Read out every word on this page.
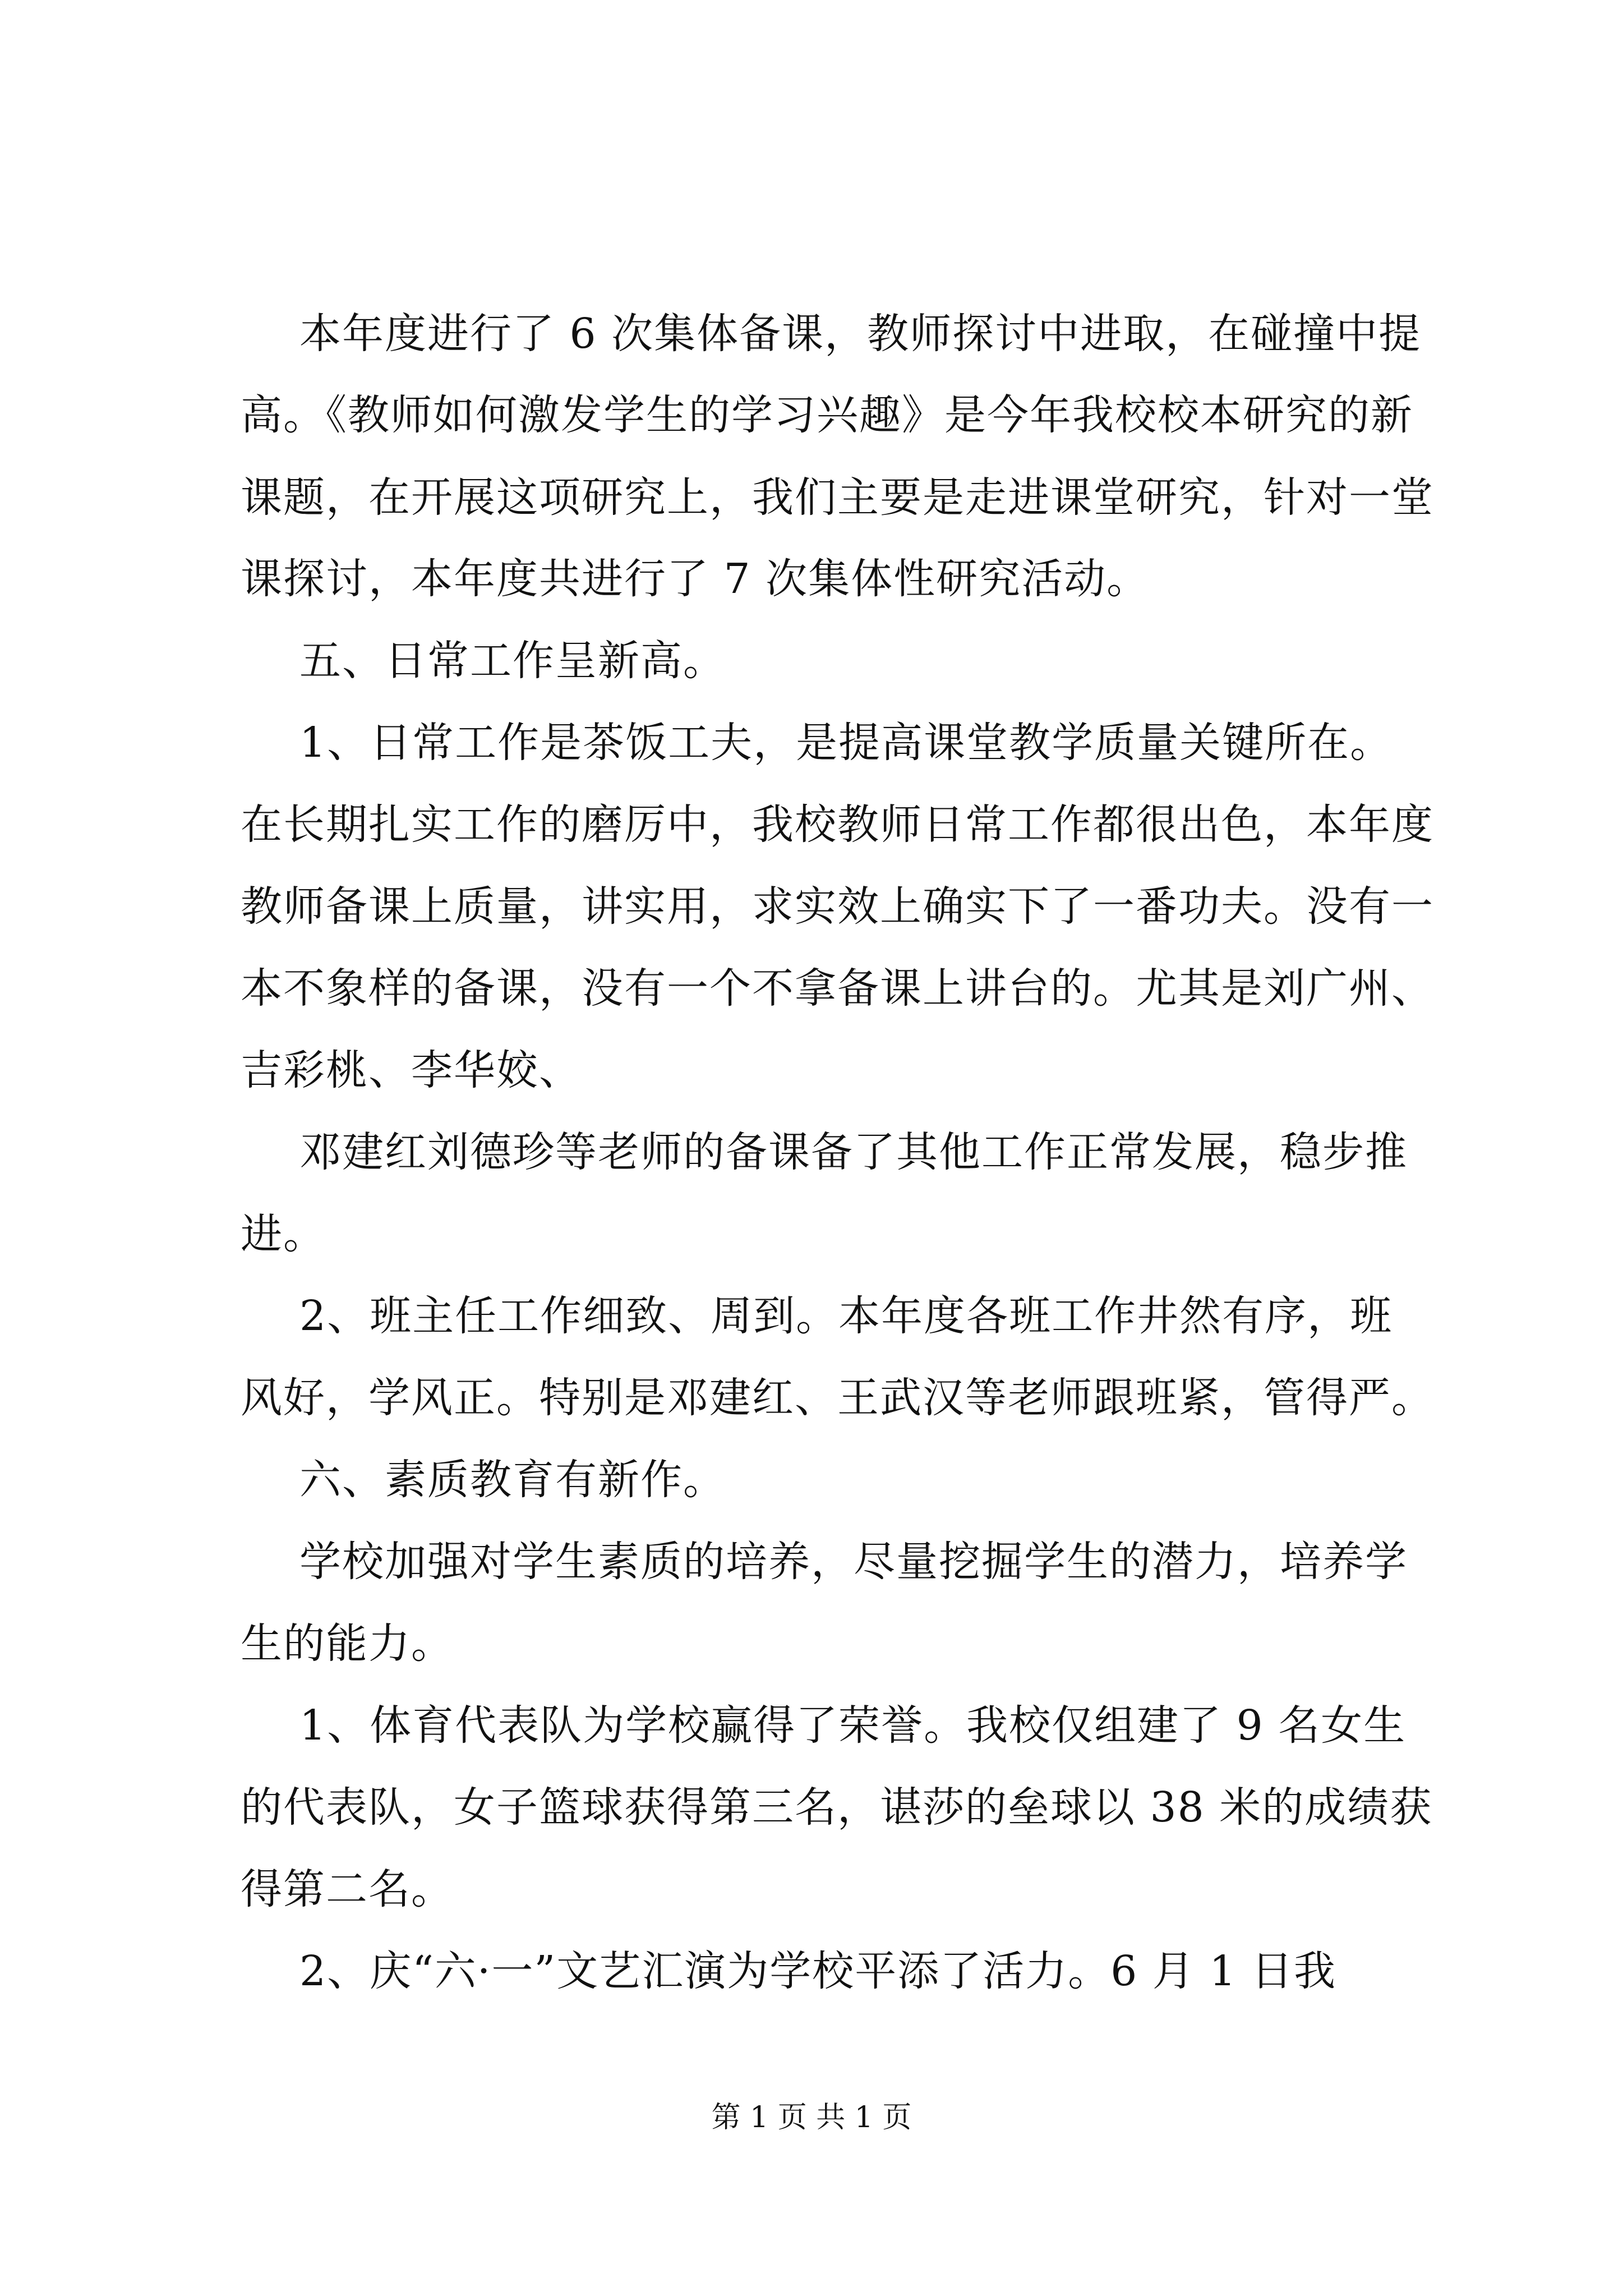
本年度进行了 6 次集体备课，教师探讨中进取，在碰撞中提
高。《教师如何激发学生的学习兴趣》是今年我校校本研究的新
课题，在开展这项研究上，我们主要是走进课堂研究，针对一堂
课探讨，本年度共进行了 7 次集体性研究活动。
五、日常工作呈新高。
1、日常工作是茶饭工夫，是提高课堂教学质量关键所在。
在长期扎实工作的磨厉中，我校教师日常工作都很出色，本年度
教师备课上质量，讲实用，求实效上确实下了一番功夫。没有一
本不象样的备课，没有一个不拿备课上讲台的。尤其是刘广州、
吉彩桃、李华姣、
邓建红刘德珍等老师的备课备了其他工作正常发展，稳步推
进。
2、班主任工作细致、周到。本年度各班工作井然有序，班
风好，学风正。特别是邓建红、王武汉等老师跟班紧，管得严。
六、素质教育有新作。
学校加强对学生素质的培养，尽量挖掘学生的潜力，培养学
生的能力。
1、体育代表队为学校赢得了荣誉。我校仅组建了 9 名女生
的代表队，女子篮球获得第三名，谌莎的垒球以 38 米的成绩获
得第二名。
2、庆“六·一”文艺汇演为学校平添了活力。6 月 1 日我
第 1 页 共 1 页
